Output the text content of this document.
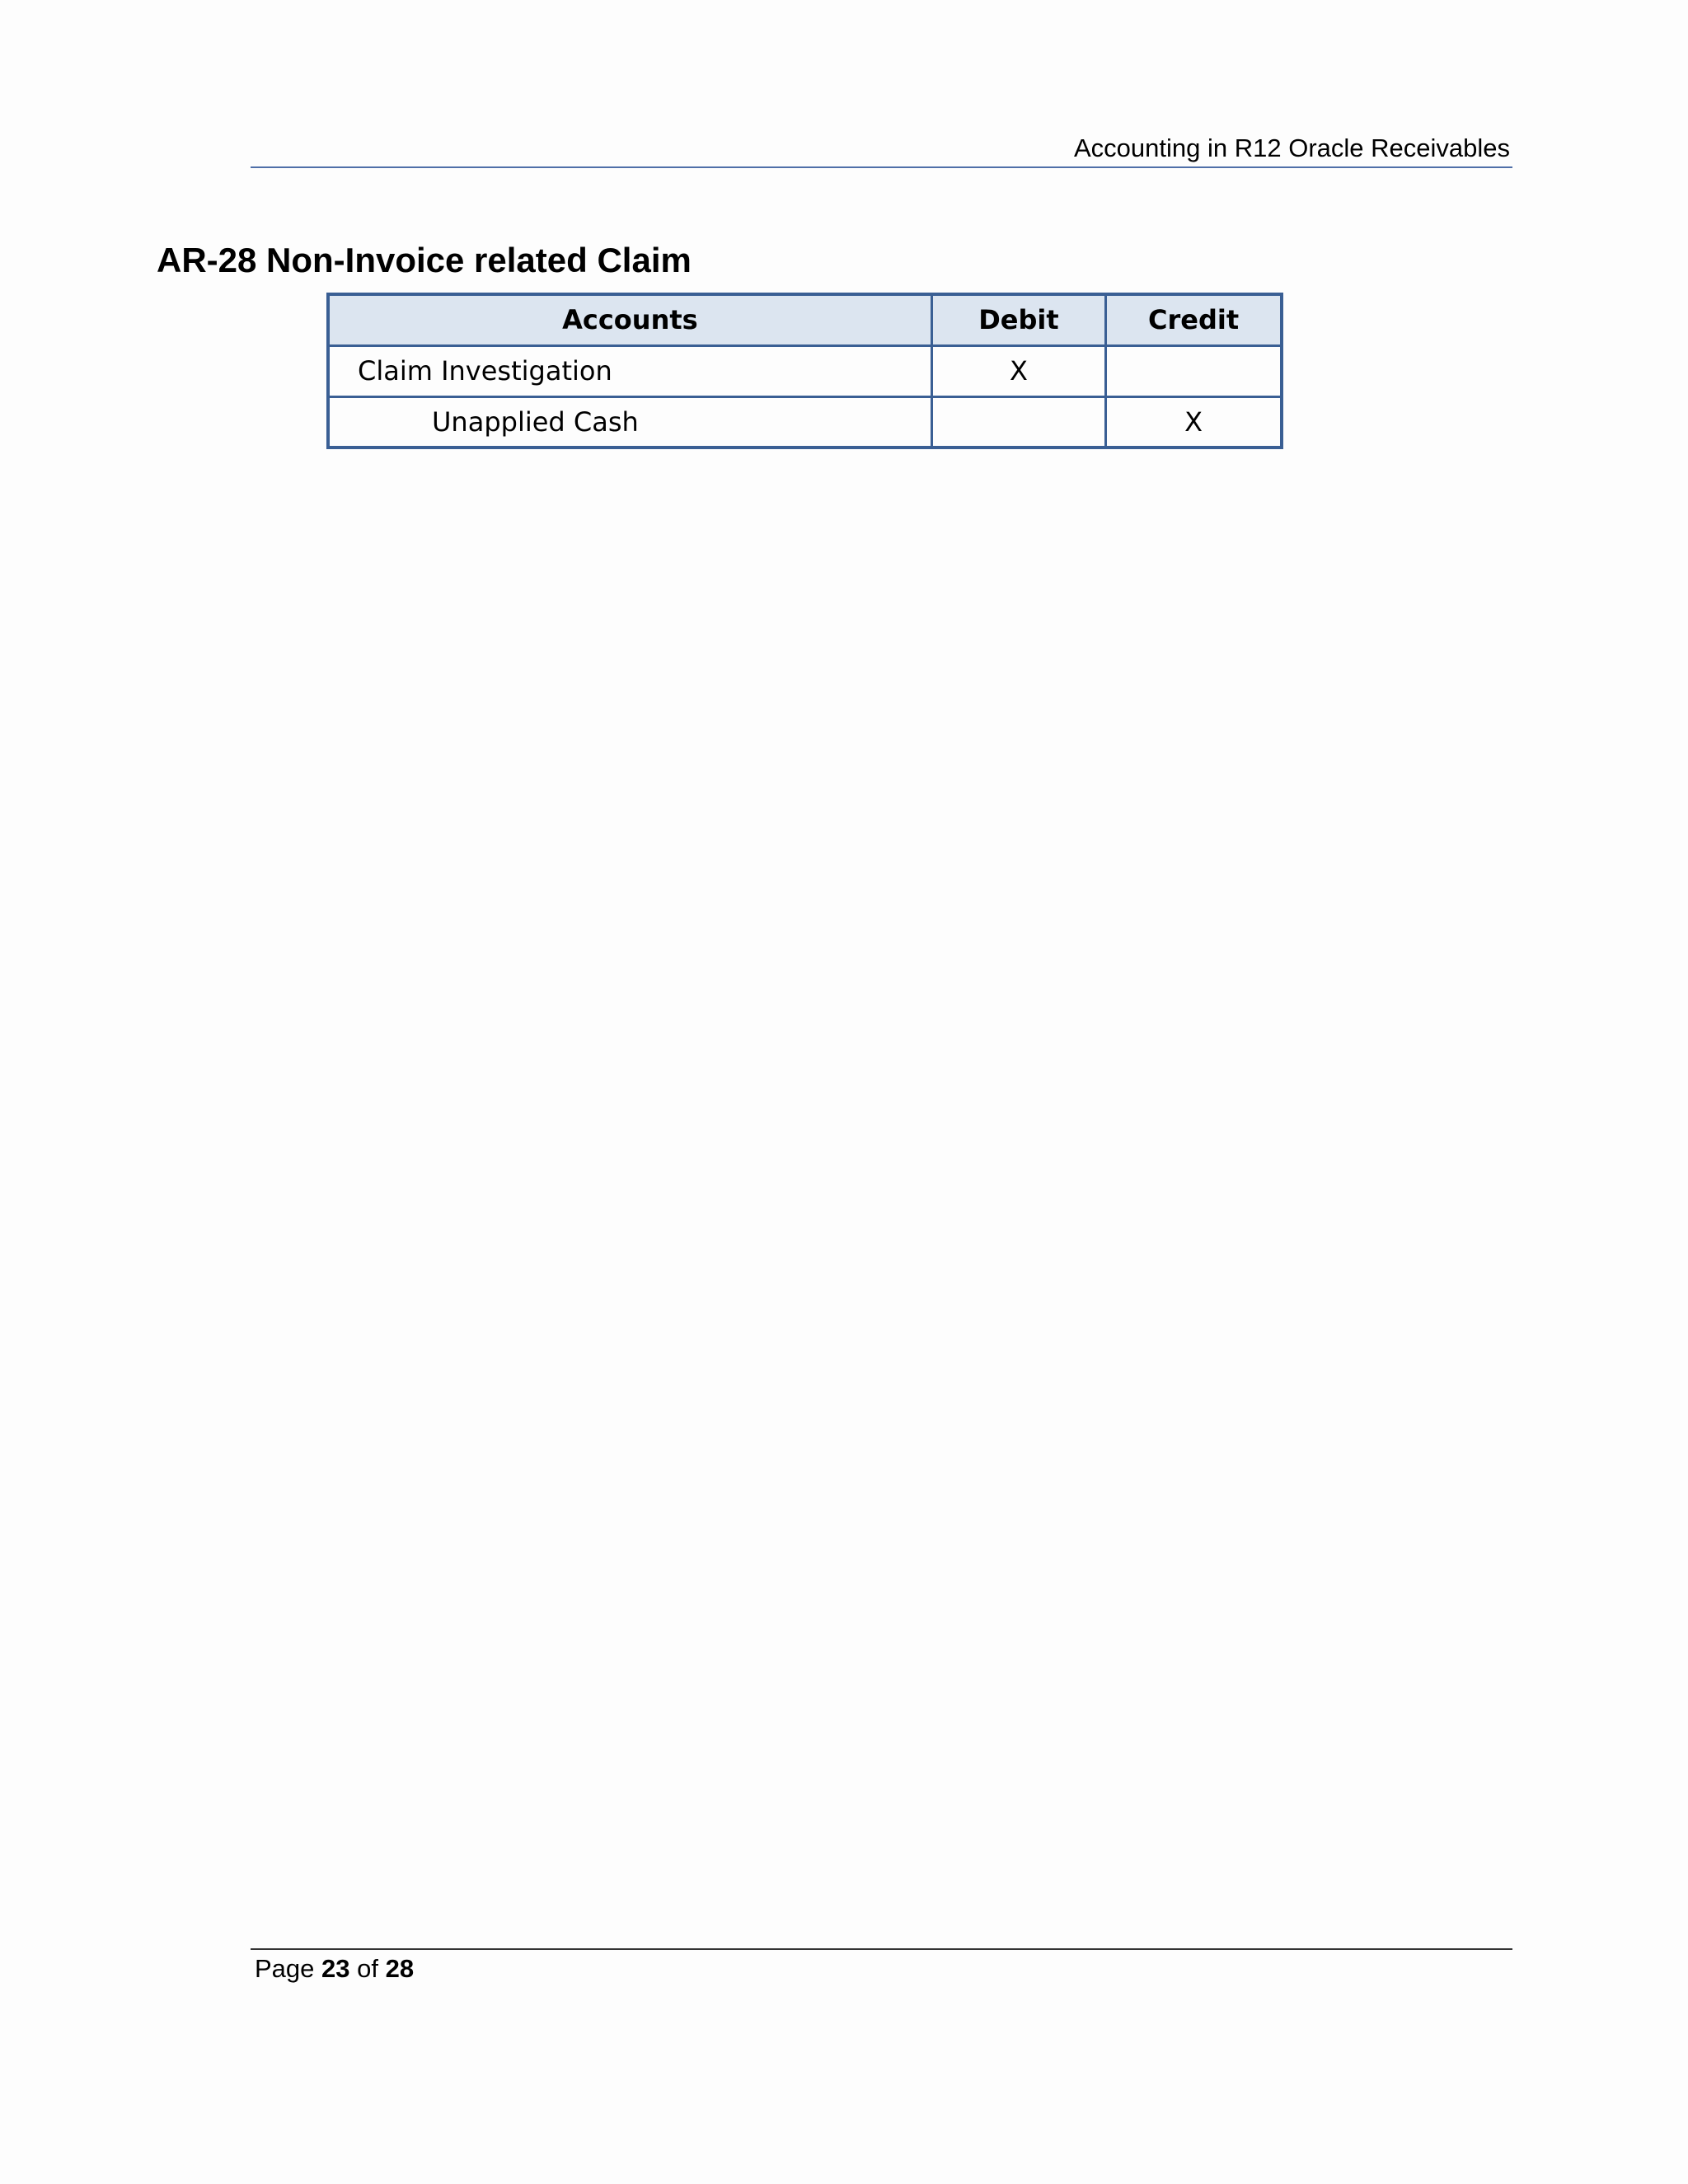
Accounting in R12 Oracle Receivables
AR-28 Non-Invoice related Claim
Accounts	Debit	Credit
Claim Investigation	X	
Unapplied Cash		X
Page 23 of 28
